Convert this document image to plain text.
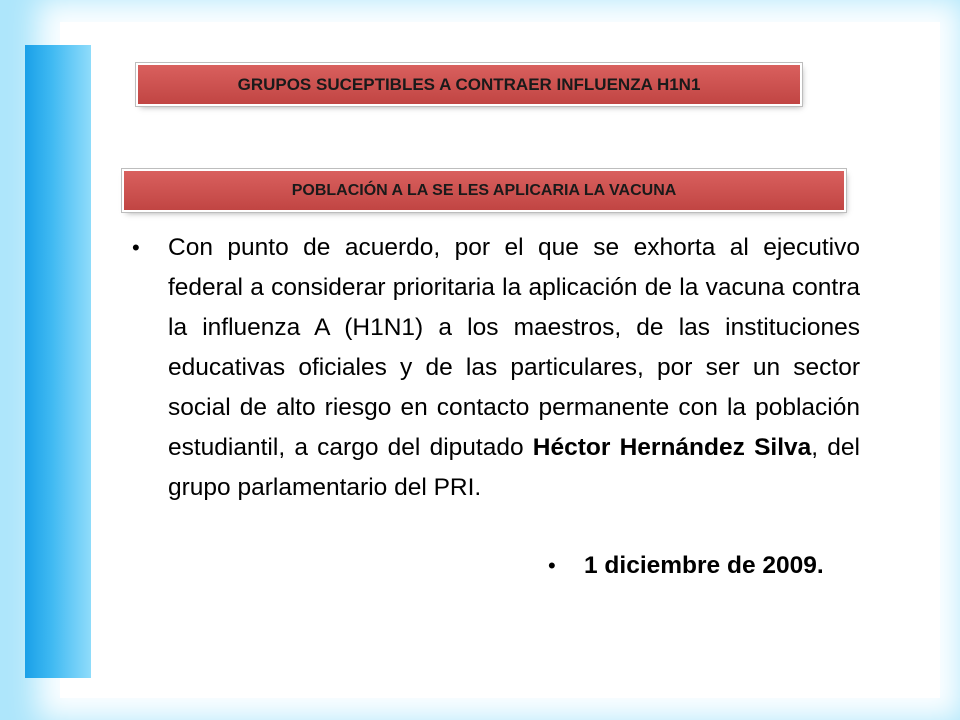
GRUPOS SUCEPTIBLES A CONTRAER INFLUENZA H1N1
POBLACIÓN A LA SE LES APLICARIA LA VACUNA
• Con punto de acuerdo, por el que se exhorta al ejecutivo federal a considerar prioritaria la aplicación de la vacuna contra la influenza A (H1N1) a los maestros, de las instituciones educativas oficiales y de las particulares, por ser un sector social de alto riesgo en contacto permanente con la población estudiantil, a cargo del diputado Héctor Hernández Silva, del grupo parlamentario del PRI.
• 1 diciembre de 2009.
